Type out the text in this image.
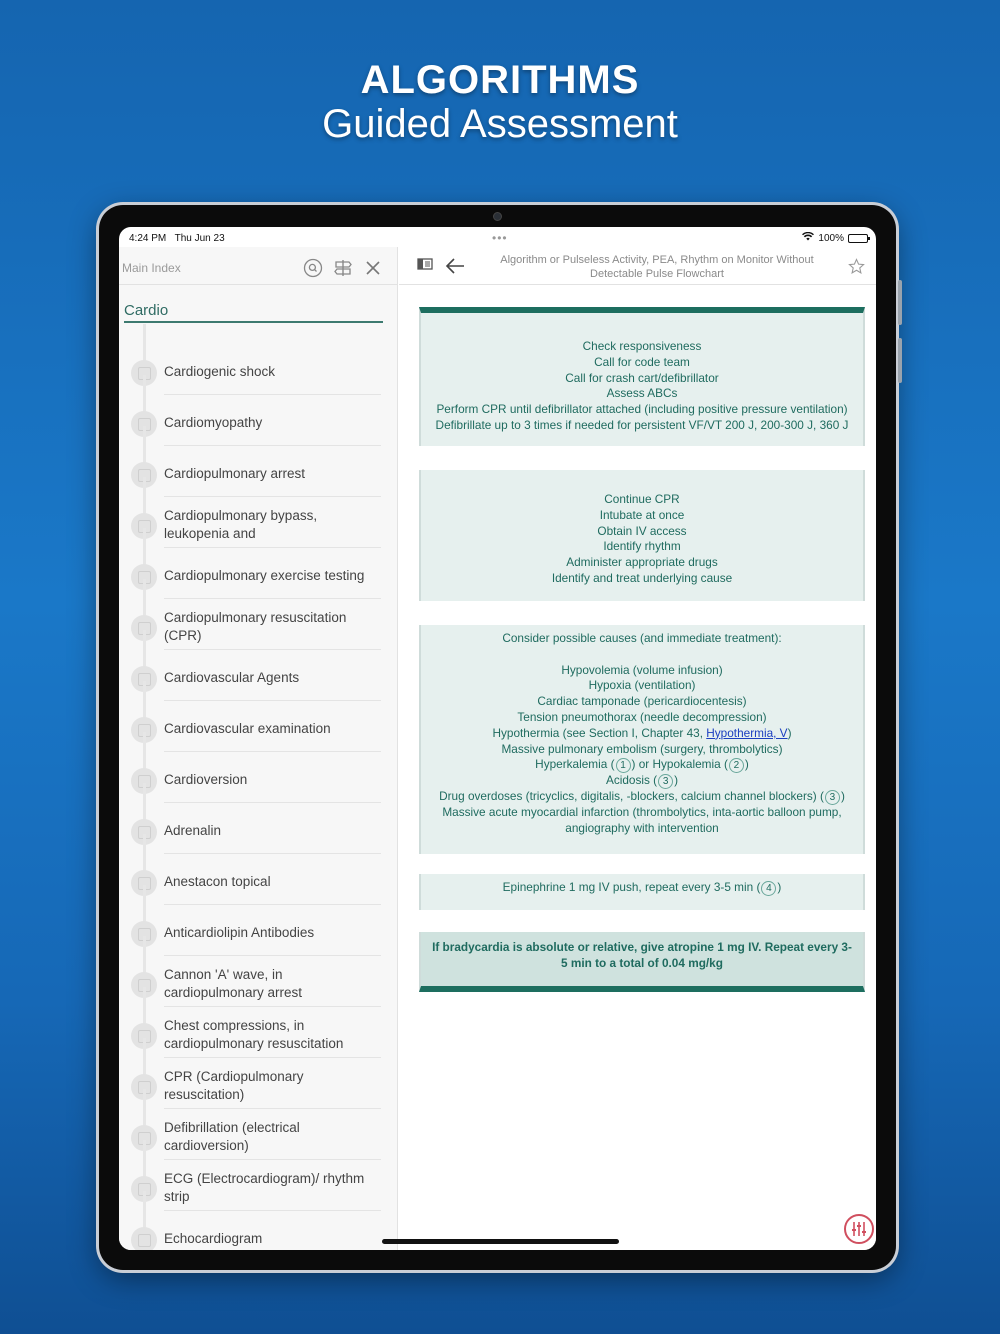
ALGORITHMS
Guided Assessment
4:24 PM Thu Jun 23	•••	100%
Main Index
Cardio
Cardiogenic shock
Cardiomyopathy
Cardiopulmonary arrest
Cardiopulmonary bypass, leukopenia and
Cardiopulmonary exercise testing
Cardiopulmonary resuscitation (CPR)
Cardiovascular Agents
Cardiovascular examination
Cardioversion
Adrenalin
Anestacon topical
Anticardiolipin Antibodies
Cannon 'A' wave, in cardiopulmonary arrest
Chest compressions, in cardiopulmonary resuscitation
CPR (Cardiopulmonary resuscitation)
Defibrillation (electrical cardioversion)
ECG (Electrocardiogram)/ rhythm strip
Echocardiogram
Algorithm or Pulseless Activity, PEA, Rhythm on Monitor Without Detectable Pulse Flowchart

Check responsiveness

Call for code team

Call for crash cart/defibrillator

Assess ABCs

Perform CPR until defibrillator attached (including positive pressure ventilation)

Defibrillate up to 3 times if needed for persistent VF/VT 200 J, 200-300 J, 360 J

Continue CPR

Intubate at once

Obtain IV access

Identify rhythm

Administer appropriate drugs

Identify and treat underlying cause

Consider possible causes (and immediate treatment):

Hypovolemia (volume infusion)

Hypoxia (ventilation)

Cardiac tamponade (pericardiocentesis)

Tension pneumothorax (needle decompression)

Hypothermia (see Section I, Chapter 43, Hypothermia, V)

Massive pulmonary embolism (surgery, thrombolytics)

Hyperkalemia ( 1 ) or Hypokalemia ( 2 )

Acidosis ( 3 )

Drug overdoses (tricyclics, digitalis, -blockers, calcium channel blockers) ( 3 )

Massive acute myocardial infarction (thrombolytics, inta-aortic balloon pump, angiography with intervention

Epinephrine 1 mg IV push, repeat every 3-5 min ( 4 )

If bradycardia is absolute or relative, give atropine 1 mg IV. Repeat every 3-5 min to a total of 0.04 mg/kg
